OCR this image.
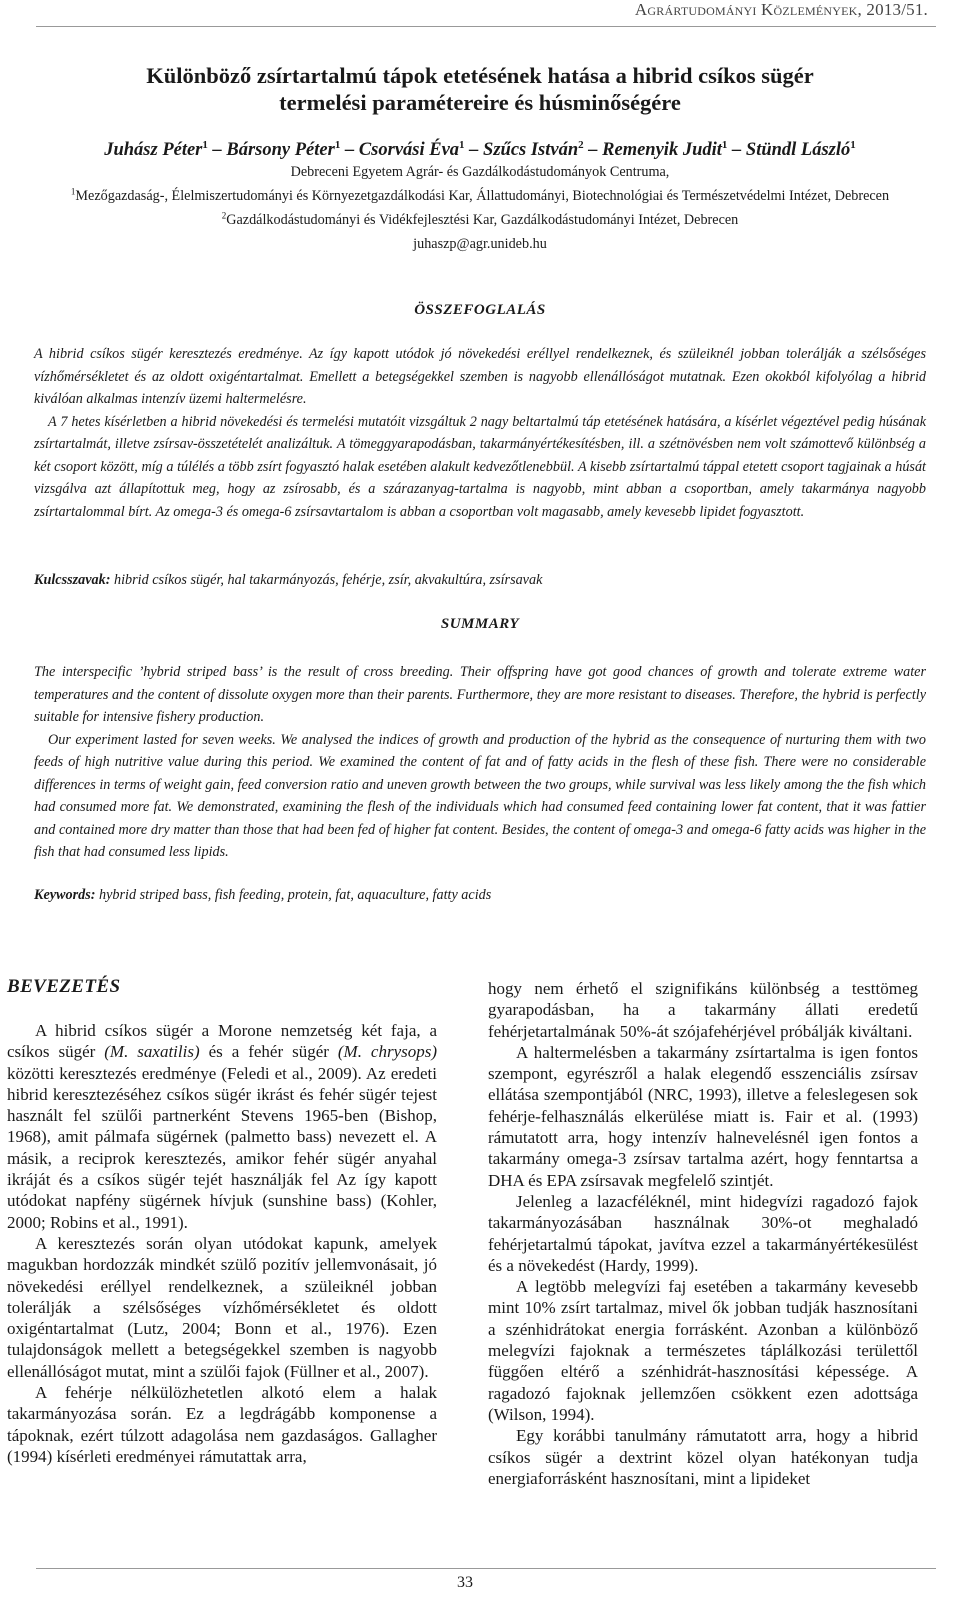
Agrártudományi Közlemények, 2013/51.
Különböző zsírtartalmú tápok etetésének hatása a hibrid csíkos sügér
termelési paramétereire és húsminőségére
Juhász Péter$^1$ – Bársony Péter$^1$ – Csorvási Éva$^1$ – Szűcs István$^2$ – Remenyik Judit$^1$ – Stündl László$^1$
Debreceni Egyetem Agrár- és Gazdálkodástudományok Centruma,
$^1$Mezőgazdaság-, Élelmiszertudományi és Környezetgazdálkodási Kar, Állattudományi, Biotechnológiai és Természetvédelmi Intézet, Debrecen
$^2$Gazdálkodástudományi és Vidékfejlesztési Kar, Gazdálkodástudományi Intézet, Debrecen
juhaszp@agr.unideb.hu
ÖSSZEFOGLALÁS

A hibrid csíkos sügér keresztezés eredménye. Az így kapott utódok jó növekedési eréllyel rendelkeznek, és szüleiknél jobban tolerálják a szélsőséges vízhőmérsékletet és az oldott oxigéntartalmat. Emellett a betegségekkel szemben is nagyobb ellenállóságot mutatnak. Ezen okokból kifolyólag a hibrid kiválóan alkalmas intenzív üzemi haltermelésre.

A 7 hetes kísérletben a hibrid növekedési és termelési mutatóit vizsgáltuk 2 nagy beltartalmú táp etetésének hatására, a kísérlet végeztével pedig húsának zsírtartalmát, illetve zsírsav-összetételét analizáltuk. A tömeggyarapodásban, takarmányértékesítésben, ill. a szétnövésben nem volt számottevő különbség a két csoport között, míg a túlélés a több zsírt fogyasztó halak esetében alakult kedvezőtlenebbül. A kisebb zsírtartalmú táppal etetett csoport tagjainak a húsát vizsgálva azt állapítottuk meg, hogy az zsírosabb, és a szárazanyag-tartalma is nagyobb, mint abban a csoportban, amely takarmánya nagyobb zsírtartalommal bírt. Az omega-3 és omega-6 zsírsavtartalom is abban a csoportban volt magasabb, amely kevesebb lipidet fogyasztott.

Kulcsszavak: hibrid csíkos sügér, hal takarmányozás, fehérje, zsír, akvakultúra, zsírsavak
SUMMARY

The interspecific ’hybrid striped bass’ is the result of cross breeding. Their offspring have got good chances of growth and tolerate extreme water temperatures and the content of dissolute oxygen more than their parents. Furthermore, they are more resistant to diseases. Therefore, the hybrid is perfectly suitable for intensive fishery production.

Our experiment lasted for seven weeks. We analysed the indices of growth and production of the hybrid as the consequence of nurturing them with two feeds of high nutritive value during this period. We examined the content of fat and of fatty acids in the flesh of these fish. There were no considerable differences in terms of weight gain, feed conversion ratio and uneven growth between the two groups, while survival was less likely among the the fish which had consumed more fat. We demonstrated, examining the flesh of the individuals which had consumed feed containing lower fat content, that it was fattier and contained more dry matter than those that had been fed of higher fat content. Besides, the content of omega-3 and omega-6 fatty acids was higher in the fish that had consumed less lipids.

Keywords: hybrid striped bass, fish feeding, protein, fat, aquaculture, fatty acids
BEVEZETÉS

A hibrid csíkos sügér a Morone nemzetség két faja, a csíkos sügér (M. saxatilis) és a fehér sügér (M. chrysops) közötti keresztezés eredménye (Feledi et al., 2009). Az eredeti hibrid keresztezéséhez csíkos sügér ikrást és fehér sügér tejest használt fel szülői partnerként Stevens 1965-ben (Bishop, 1968), amit pálmafa sügérnek (palmetto bass) nevezett el. A másik, a reciprok keresztezés, amikor fehér sügér anyahal ikráját és a csíkos sügér tejét használják fel Az így kapott utódokat napfény sügérnek hívjuk (sunshine bass) (Kohler, 2000; Robins et al., 1991).

A keresztezés során olyan utódokat kapunk, amelyek magukban hordozzák mindkét szülő pozitív jellemvonásait, jó növekedési eréllyel rendelkeznek, a szüleiknél jobban tolerálják a szélsőséges vízhőmérsékletet és oldott oxigéntartalmat (Lutz, 2004; Bonn et al., 1976). Ezen tulajdonságok mellett a betegségekkel szemben is nagyobb ellenállóságot mutat, mint a szülői fajok (Füllner et al., 2007).

A fehérje nélkülözhetetlen alkotó elem a halak takarmányozása során. Ez a legdrágább komponense a tápoknak, ezért túlzott adagolása nem gazdaságos. Gallagher (1994) kísérleti eredményei rámutattak arra,

hogy nem érhető el szignifikáns különbség a testtömeg gyarapodásban, ha a takarmány állati eredetű fehérjetartalmának 50%-át szójafehérjével próbálják kiváltani.

A haltermelésben a takarmány zsírtartalma is igen fontos szempont, egyrészről a halak elegendő esszenciális zsírsav ellátása szempontjából (NRC, 1993), illetve a feleslegesen sok fehérje-felhasználás elkerülése miatt is. Fair et al. (1993) rámutatott arra, hogy intenzív halnevelésnél igen fontos a takarmány omega-3 zsírsav tartalma azért, hogy fenntartsa a DHA és EPA zsírsavak megfelelő szintjét.

Jelenleg a lazacféléknél, mint hidegvízi ragadozó fajok takarmányozásában használnak 30%-ot meghaladó fehérjetartalmú tápokat, javítva ezzel a takarmányértékesülést és a növekedést (Hardy, 1999).

A legtöbb melegvízi faj esetében a takarmány kevesebb mint 10% zsírt tartalmaz, mivel ők jobban tudják hasznosítani a szénhidrátokat energia forrásként. Azonban a különböző melegvízi fajoknak a természetes táplálkozási területtől függően eltérő a szénhidrát-hasznosítási képessége. A ragadozó fajoknak jellemzően csökkent ezen adottsága (Wilson, 1994).

Egy korábbi tanulmány rámutatott arra, hogy a hibrid csíkos sügér a dextrint közel olyan hatékonyan tudja energiaforrásként hasznosítani, mint a lipideket

33
